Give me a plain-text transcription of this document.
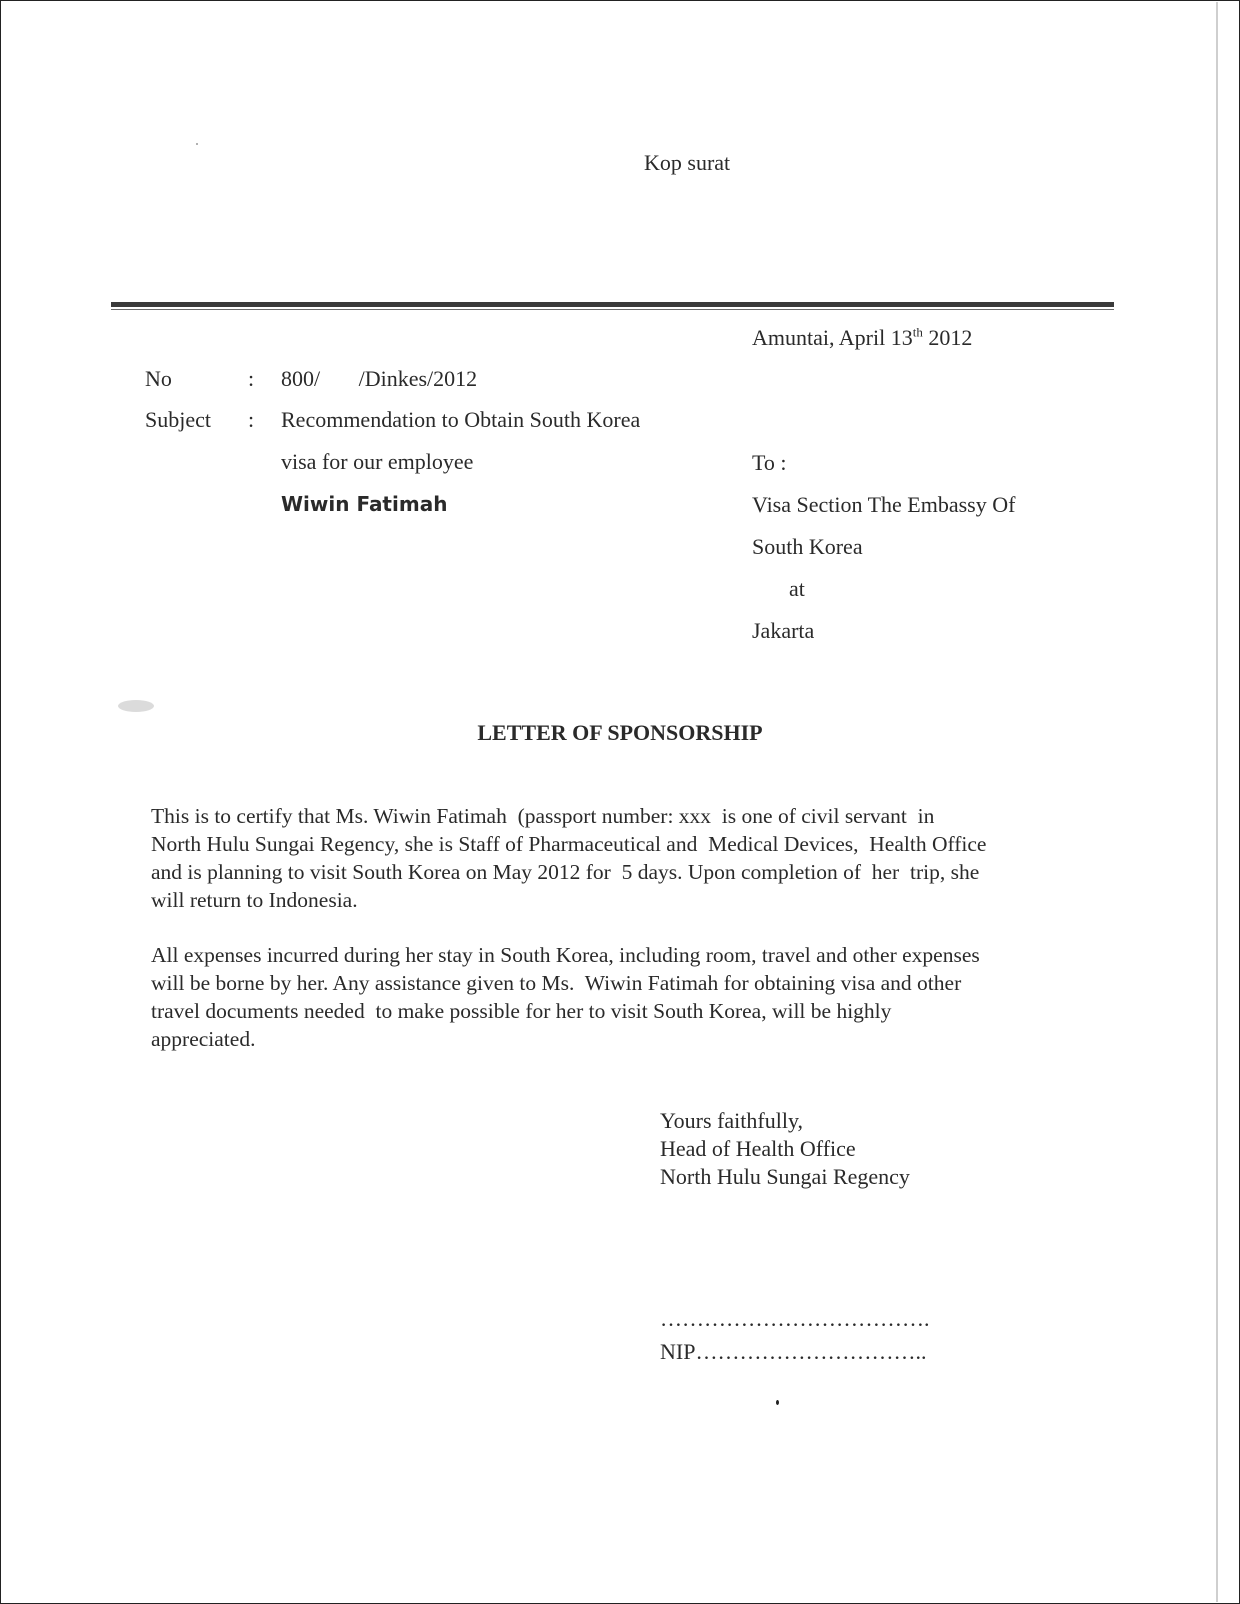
Kop surat
Amuntai, April 13th 2012
No	: 800/       /Dinkes/2012
Subject : Recommendation to Obtain South Korea
visa for our employee
Wiwin Fatimah
To :
Visa Section The Embassy Of
South Korea
at
Jakarta
LETTER OF SPONSORSHIP
This is to certify that Ms. Wiwin Fatimah  (passport number: xxx  is one of civil servant  in
North Hulu Sungai Regency, she is Staff of Pharmaceutical and  Medical Devices,  Health Office
and is planning to visit South Korea on May 2012 for  5 days. Upon completion of  her  trip, she
will return to Indonesia.
All expenses incurred during her stay in South Korea, including room, travel and other expenses
will be borne by her. Any assistance given to Ms.  Wiwin Fatimah for obtaining visa and other
travel documents needed  to make possible for her to visit South Korea, will be highly
appreciated.
Yours faithfully,
Head of Health Office
North Hulu Sungai Regency
……………………………….
NIP…………………………..
